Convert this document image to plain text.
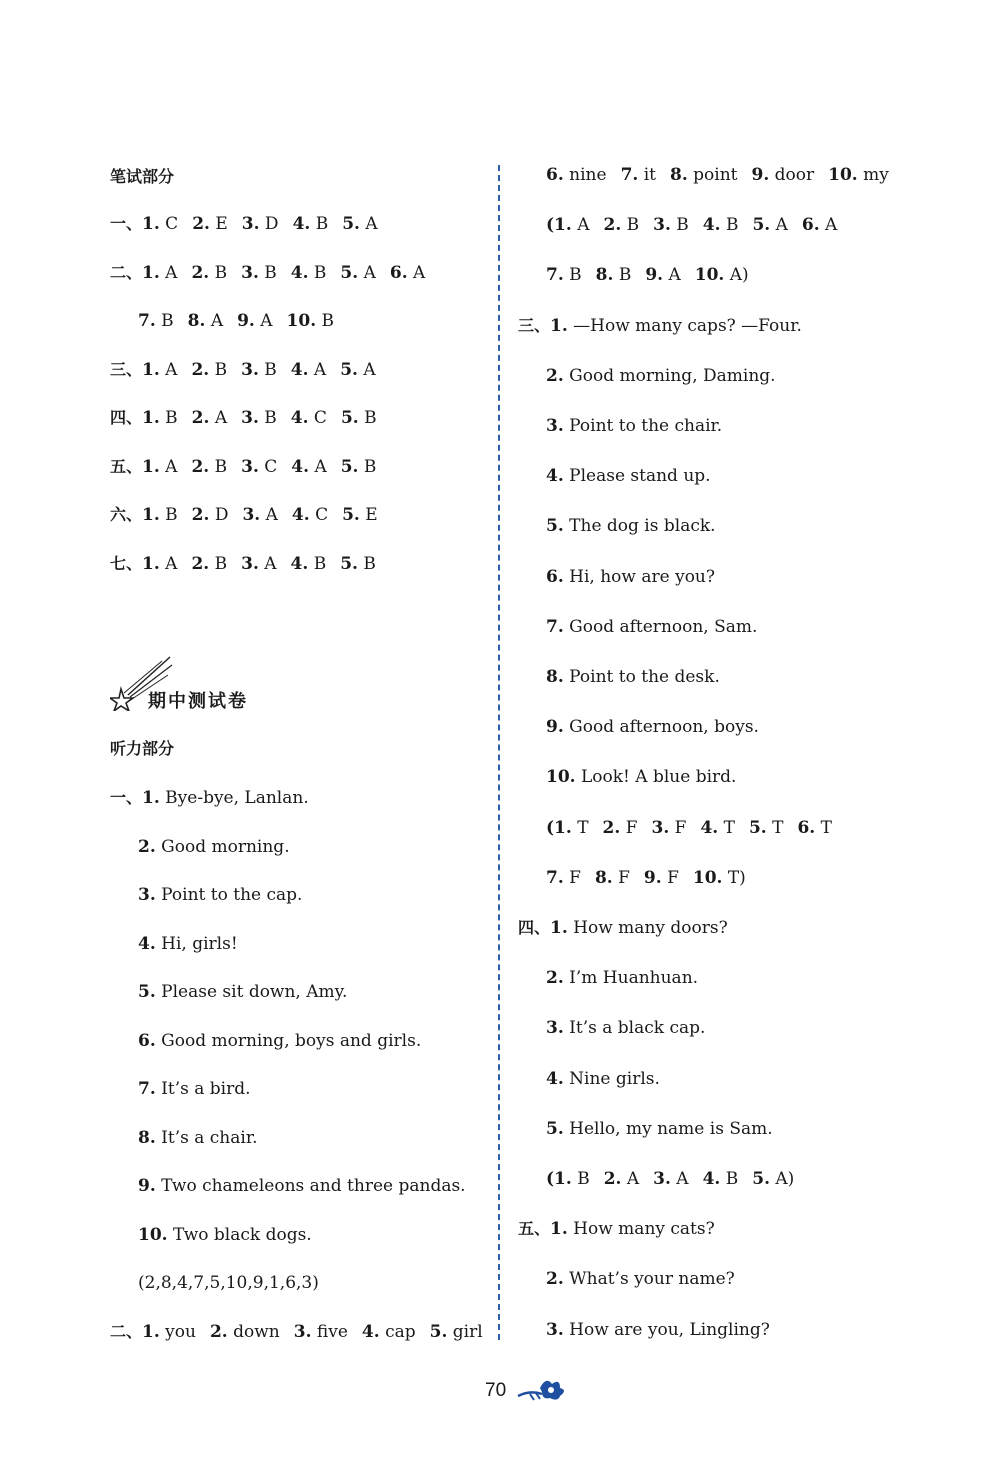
笔试部分
一、1. C 2. E 3. D 4. B 5. A
二、1. A 2. B 3. B 4. B 5. A 6. A
7. B 8. A 9. A 10. B
三、1. A 2. B 3. B 4. A 5. A
四、1. B 2. A 3. B 4. C 5. B
五、1. A 2. B 3. C 4. A 5. B
六、1. B 2. D 3. A 4. C 5. E
七、1. A 2. B 3. A 4. B 5. B
一、1. Bye-bye, Lanlan.
2. Good morning.
3. Point to the cap.
4. Hi, girls!
5. Please sit down, Amy.
6. Good morning, boys and girls.
7. It’s a bird.
8. It’s a chair.
9. Two chameleons and three pandas.
10. Two black dogs.
(2,8,4,7,5,10,9,1,6,3)
二、1. you 2. down 3. five 4. cap 5. girl
听力部分
期中测试卷
6. nine 7. it 8. point 9. door 10. my
(1. A 2. B 3. B 4. B 5. A 6. A
7. B 8. B 9. A 10. A)
三、1. —How many caps? —Four.
2. Good morning, Daming.
3. Point to the chair.
4. Please stand up.
5. The dog is black.
6. Hi, how are you?
7. Good afternoon, Sam.
8. Point to the desk.
9. Good afternoon, boys.
10. Look! A blue bird.
(1. T 2. F 3. F 4. T 5. T 6. T
7. F 8. F 9. F 10. T)
四、1. How many doors?
2. I’m Huanhuan.
3. It’s a black cap.
4. Nine girls.
5. Hello, my name is Sam.
(1. B 2. A 3. A 4. B 5. A)
五、1. How many cats?
2. What’s your name?
3. How are you, Lingling?
70
